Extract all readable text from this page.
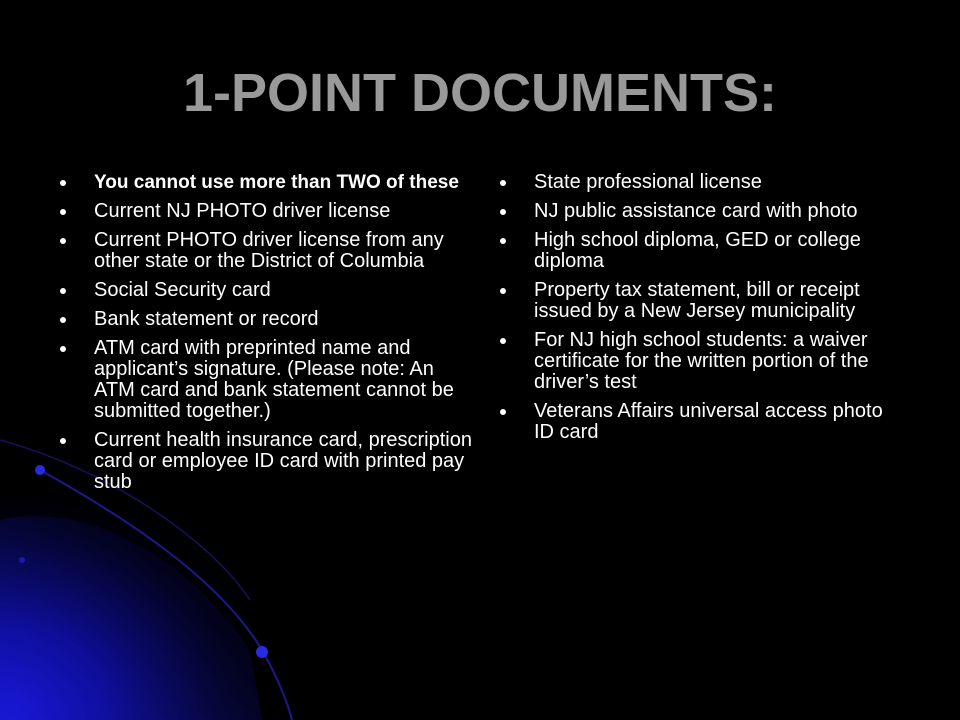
1-POINT DOCUMENTS:
You cannot use more than TWO of these
Current NJ PHOTO driver license
Current PHOTO driver license from any other state or the District of Columbia
Social Security card
Bank statement or record
ATM card with preprinted name and applicant’s signature. (Please note: An ATM card and bank statement cannot be submitted together.)
Current health insurance card, prescription card or employee ID card with printed pay stub
State professional license
NJ public assistance card with photo
High school diploma, GED or college diploma
Property tax statement, bill or receipt issued by a New Jersey municipality
For NJ high school students: a waiver certificate for the written portion of the driver’s test
Veterans Affairs universal access photo ID card
